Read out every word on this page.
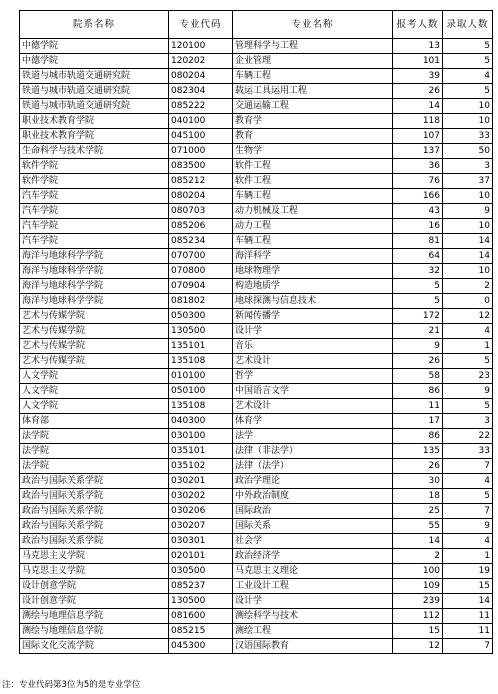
院系名称	专业代码	专业名称	报考人数	录取人数
中德学院	120100	管理科学与工程	13	5
中德学院	120202	企业管理	101	5
铁道与城市轨道交通研究院	080204	车辆工程	39	4
铁道与城市轨道交通研究院	082304	载运工具运用工程	26	5
铁道与城市轨道交通研究院	085222	交通运输工程	14	10
职业技术教育学院	040100	教育学	118	10
职业技术教育学院	045100	教育	107	33
生命科学与技术学院	071000	生物学	137	50
软件学院	083500	软件工程	36	3
软件学院	085212	软件工程	76	37
汽车学院	080204	车辆工程	166	10
汽车学院	080703	动力机械及工程	43	9
汽车学院	085206	动力工程	16	10
汽车学院	085234	车辆工程	81	14
海洋与地球科学学院	070700	海洋科学	64	14
海洋与地球科学学院	070800	地球物理学	32	10
海洋与地球科学学院	070904	构造地质学	5	2
海洋与地球科学学院	081802	地球探测与信息技术	5	0
艺术与传媒学院	050300	新闻传播学	172	12
艺术与传媒学院	130500	设计学	21	4
艺术与传媒学院	135101	音乐	9	1
艺术与传媒学院	135108	艺术设计	26	5
人文学院	010100	哲学	58	23
人文学院	050100	中国语言文学	86	9
人文学院	135108	艺术设计	11	5
体育部	040300	体育学	17	3
法学院	030100	法学	86	22
法学院	035101	法律（非法学）	135	33
法学院	035102	法律（法学）	26	7
政治与国际关系学院	030201	政治学理论	30	4
政治与国际关系学院	030202	中外政治制度	18	5
政治与国际关系学院	030206	国际政治	25	7
政治与国际关系学院	030207	国际关系	55	9
政治与国际关系学院	030301	社会学	14	4
马克思主义学院	020101	政治经济学	2	1
马克思主义学院	030500	马克思主义理论	100	19
设计创意学院	085237	工业设计工程	109	15
设计创意学院	130500	设计学	239	14
测绘与地理信息学院	081600	测绘科学与技术	112	11
测绘与地理信息学院	085215	测绘工程	15	11
国际文化交流学院	045300	汉语国际教育	12	7
注：专业代码第3位为5的是专业学位
